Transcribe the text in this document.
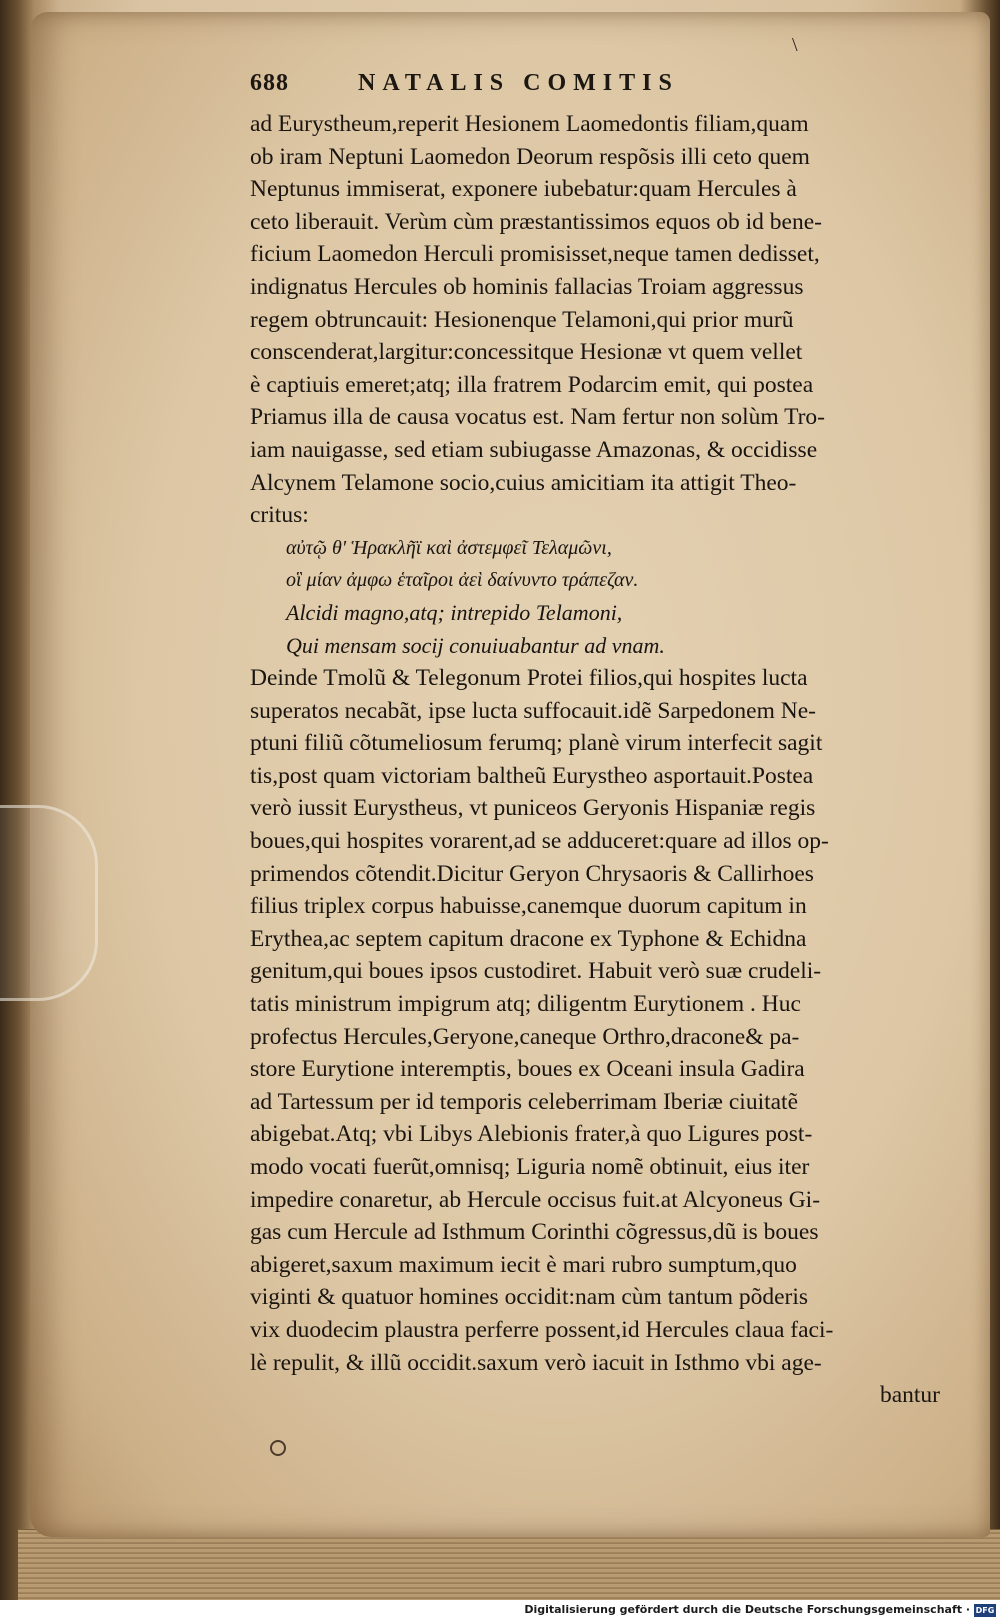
\
688	NATALIS COMITIS
ad Eurystheum,reperit Hesionem Laomedontis filiam,quam
ob iram Neptuni Laomedon Deorum respõsis illi ceto quem
Neptunus immiserat, exponere iubebatur:quam Hercules à
ceto liberauit. Verùm cùm præstantissimos equos ob id bene-
ficium Laomedon Herculi promisisset,neque tamen dedisset,
indignatus Hercules ob hominis fallacias Troiam aggressus
regem obtruncauit: Hesionenque Telamoni,qui prior murũ
conscenderat,largitur:concessitque Hesionæ vt quem vellet
è captiuis emeret;atq; illa fratrem Podarcim emit, qui postea
Priamus illa de causa vocatus est. Nam fertur non solùm Tro-
iam nauigasse, sed etiam subiugasse Amazonas, & occidisse
Alcynem Telamone socio,cuius amicitiam ita attigit Theo-
critus:
αὐτῷ θ' Ἡρακλῆϊ καὶ ἀστεμφεῖ Τελαμῶνι,
οἳ μίαν ἀμφω ἑταῖροι ἀεὶ δαίνυντο τράπεζαν.
Alcidi magno,atq; intrepido Telamoni,
Qui mensam socij conuiuabantur ad vnam.
Deinde Tmolũ & Telegonum Protei filios,qui hospites lucta
superatos necabãt, ipse lucta suffocauit.idẽ Sarpedonem Ne-
ptuni filiũ cõtumeliosum ferumq; planè virum interfecit sagit
tis,post quam victoriam baltheũ Eurystheo asportauit.Postea
verò iussit Eurystheus, vt puniceos Geryonis Hispaniæ regis
boues,qui hospites vorarent,ad se adduceret:quare ad illos op-
primendos cõtendit.Dicitur Geryon Chrysaoris & Callirhoes
filius triplex corpus habuisse,canemque duorum capitum in
Erythea,ac septem capitum dracone ex Typhone & Echidna
genitum,qui boues ipsos custodiret. Habuit verò suæ crudeli-
tatis ministrum impigrum atq; diligentm Eurytionem . Huc
profectus Hercules,Geryone,caneque Orthro,dracone& pa-
store Eurytione interemptis, boues ex Oceani insula Gadira
ad Tartessum per id temporis celeberrimam Iberiæ ciuitatẽ
abigebat.Atq; vbi Libys Alebionis frater,à quo Ligures post-
modo vocati fuerũt,omnisq; Liguria nomẽ obtinuit, eius iter
impedire conaretur, ab Hercule occisus fuit.at Alcyoneus Gi-
gas cum Hercule ad Isthmum Corinthi cõgressus,dũ is boues
abigeret,saxum maximum iecit è mari rubro sumptum,quo
viginti & quatuor homines occidit:nam cùm tantum põderis
vix duodecim plaustra perferre possent,id Hercules claua faci-
lè repulit, & illũ occidit.saxum verò iacuit in Isthmo vbi age-
bantur
Digitalisierung gefördert durch die Deutsche Forschungsgemeinschaft · DFG
